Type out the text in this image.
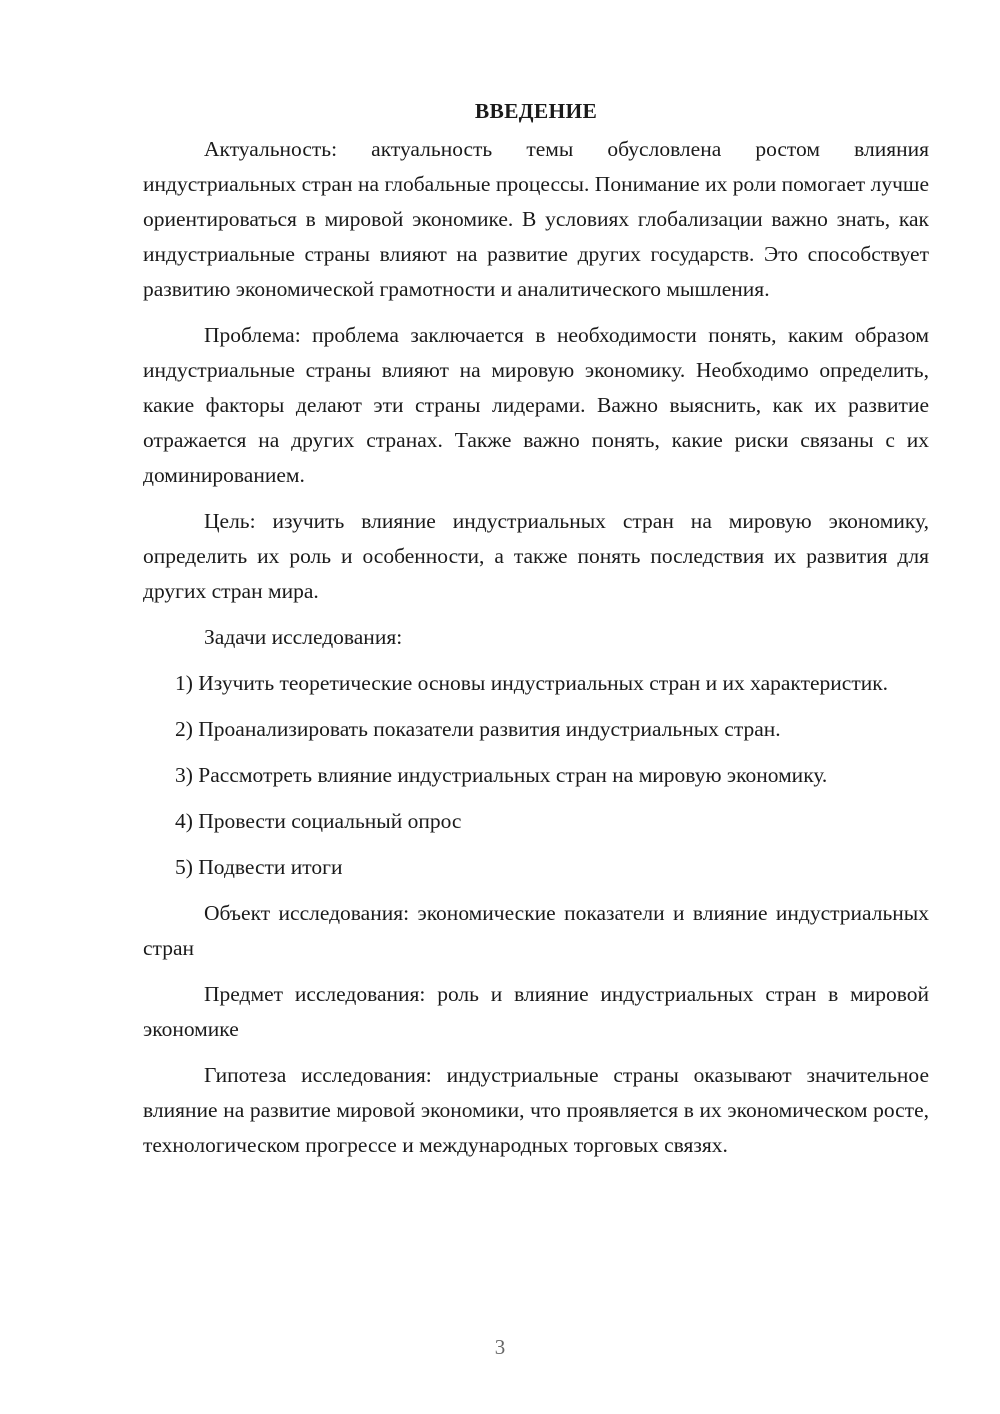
ВВЕДЕНИЕ

Актуальность: актуальность темы обусловлена ростом влияния индустриальных стран на глобальные процессы. Понимание их роли помогает лучше ориентироваться в мировой экономике. В условиях глобализации важно знать, как индустриальные страны влияют на развитие других государств. Это способствует развитию экономической грамотности и аналитического мышления.

Проблема: проблема заключается в необходимости понять, каким образом индустриальные страны влияют на мировую экономику. Необходимо определить, какие факторы делают эти страны лидерами. Важно выяснить, как их развитие отражается на других странах. Также важно понять, какие риски связаны с их доминированием.

Цель: изучить влияние индустриальных стран на мировую экономику, определить их роль и особенности, а также понять последствия их развития для других стран мира.

Задачи исследования:

1) Изучить теоретические основы индустриальных стран и их характеристик.

2) Проанализировать показатели развития индустриальных стран.

3) Рассмотреть влияние индустриальных стран на мировую экономику.

4) Провести социальный опрос

5) Подвести итоги

Объект исследования: экономические показатели и влияние индустриальных стран

Предмет исследования: роль и влияние индустриальных стран в мировой экономике

Гипотеза исследования: индустриальные страны оказывают значительное влияние на развитие мировой экономики, что проявляется в их экономическом росте, технологическом прогрессе и международных торговых связях.

3
